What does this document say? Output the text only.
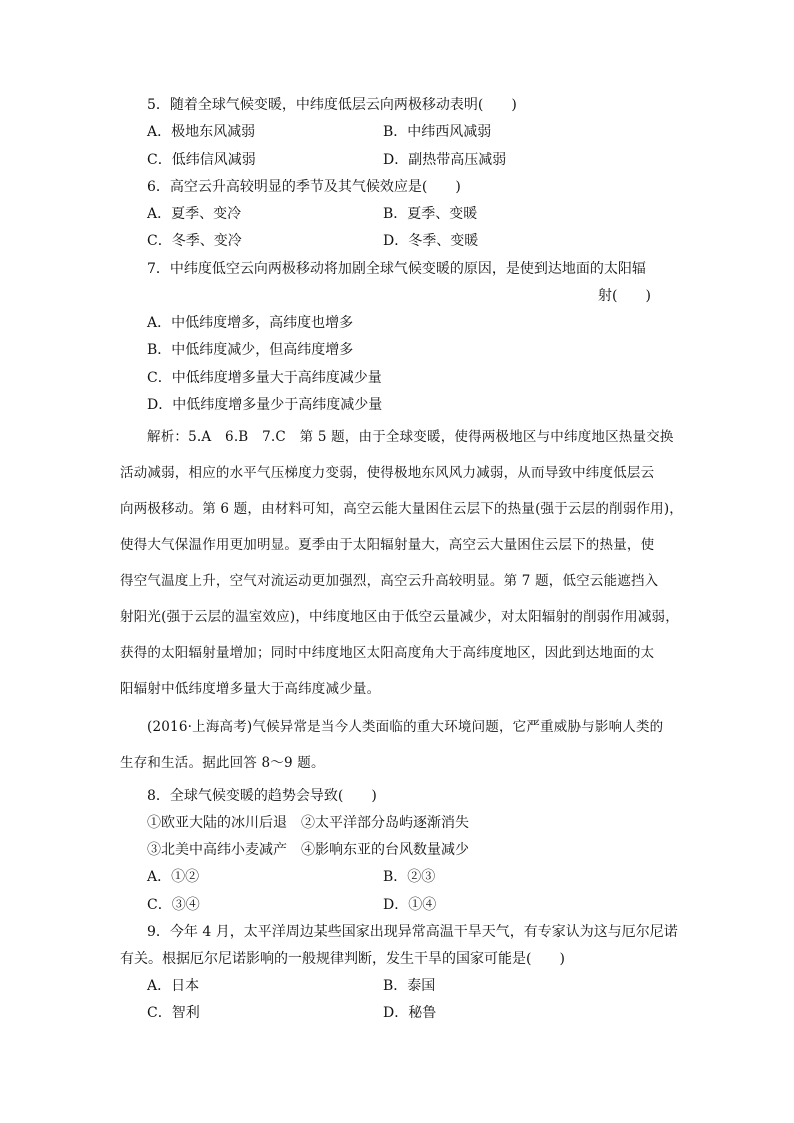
5．随着全球气候变暖，中纬度低层云向两极移动表明(　　)
A．极地东风减弱	B．中纬西风减弱
C．低纬信风减弱	D．副热带高压减弱
6．高空云升高较明显的季节及其气候效应是(　　)
A．夏季、变冷	B．夏季、变暖
C．冬季、变冷	D．冬季、变暖
7．中纬度低空云向两极移动将加剧全球气候变暖的原因，是使到达地面的太阳辐
射(　　)
A．中低纬度增多，高纬度也增多
B．中低纬度减少，但高纬度增多
C．中低纬度增多量大于高纬度减少量
D．中低纬度增多量少于高纬度减少量
解析：5.A　6.B　7.C　第 5 题，由于全球变暖，使得两极地区与中纬度地区热量交换
活动减弱，相应的水平气压梯度力变弱，使得极地东风风力减弱，从而导致中纬度低层云
向两极移动。第 6 题，由材料可知，高空云能大量困住云层下的热量(强于云层的削弱作用)，
使得大气保温作用更加明显。夏季由于太阳辐射量大，高空云大量困住云层下的热量，使
得空气温度上升，空气对流运动更加强烈，高空云升高较明显。第 7 题，低空云能遮挡入
射阳光(强于云层的温室效应)，中纬度地区由于低空云量减少，对太阳辐射的削弱作用减弱，
获得的太阳辐射量增加；同时中纬度地区太阳高度角大于高纬度地区，因此到达地面的太
阳辐射中低纬度增多量大于高纬度减少量。
(2016·上海高考)气候异常是当今人类面临的重大环境问题，它严重威胁与影响人类的
生存和生活。据此回答 8～9 题。
8．全球气候变暖的趋势会导致(　　)
①欧亚大陆的冰川后退　②太平洋部分岛屿逐渐消失
③北美中高纬小麦减产　④影响东亚的台风数量减少
A．①②	B．②③
C．③④	D．①④
9．今年 4 月，太平洋周边某些国家出现异常高温干旱天气，有专家认为这与厄尔尼诺
有关。根据厄尔尼诺影响的一般规律判断，发生干旱的国家可能是(　　)
A．日本	B．泰国
C．智利	D．秘鲁
